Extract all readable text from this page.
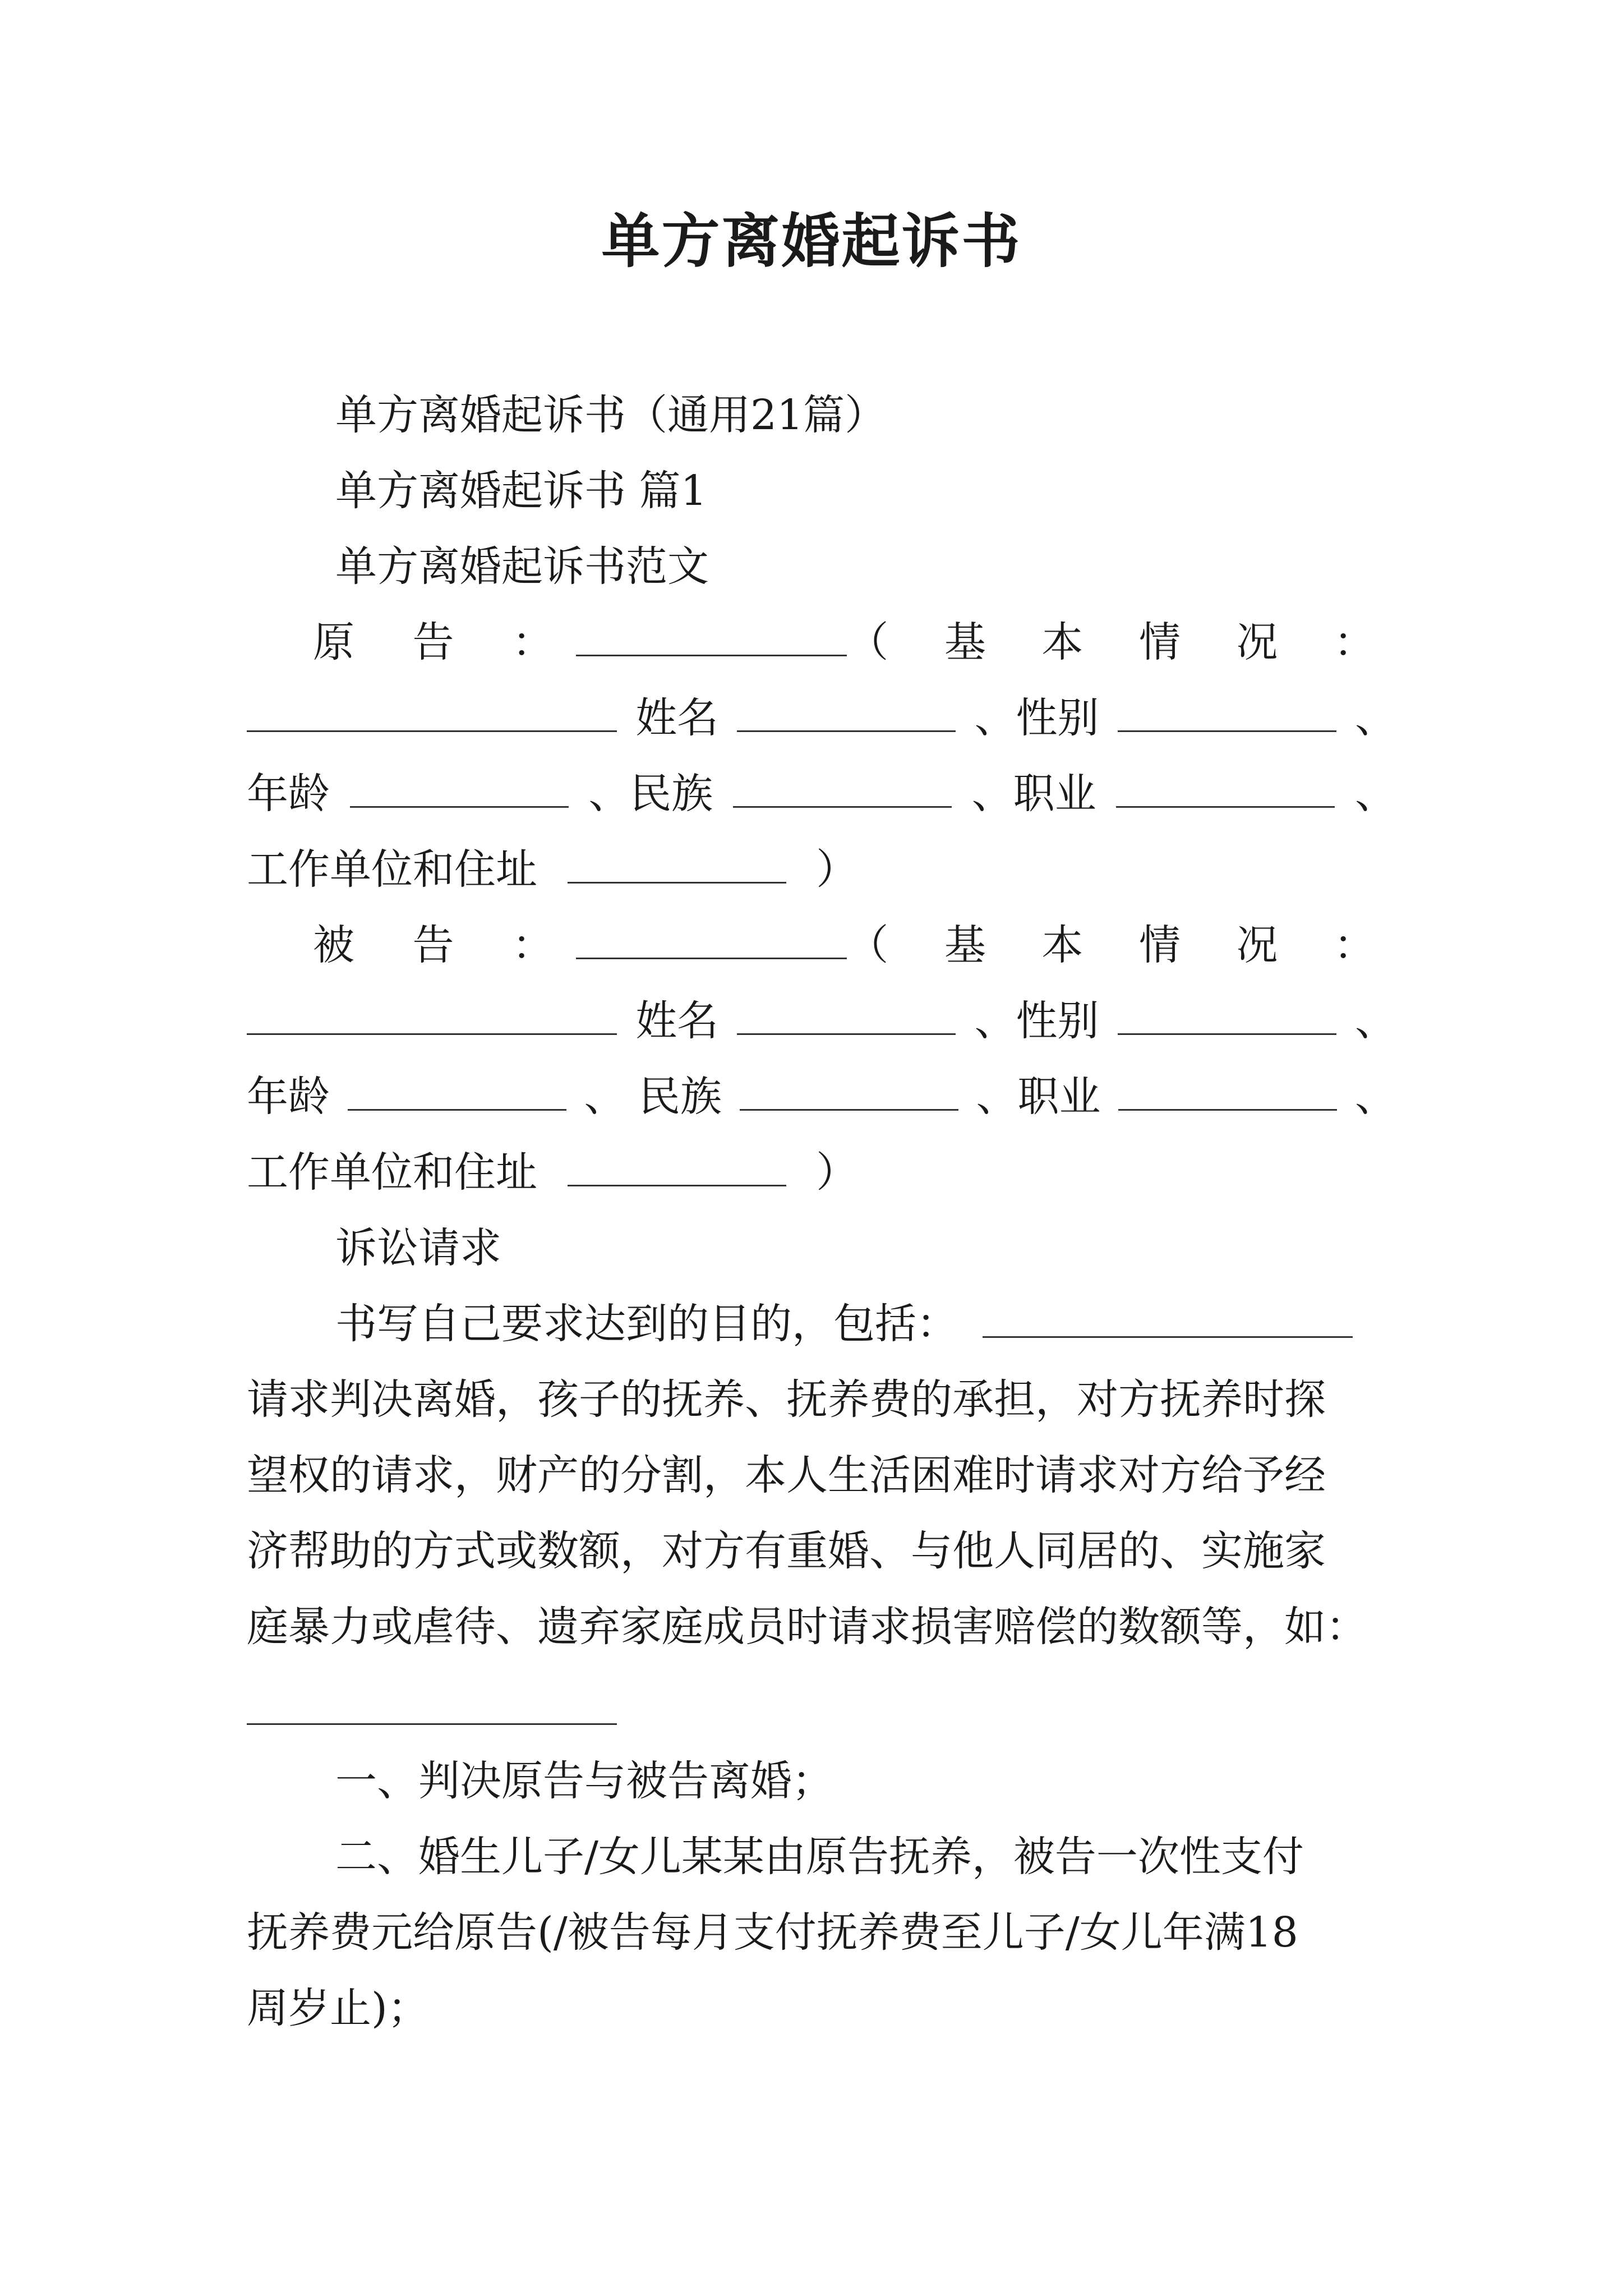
单方离婚起诉书
单方离婚起诉书（通用21篇）
单方离婚起诉书 篇1
单方离婚起诉书范文
原 告 ：	（ 基 本 情 况 ：
姓名	、性别	、
年龄	、民族	、职业	、
工作单位和住址	）
被 告 ：	（ 基 本 情 况 ：
姓名	、性别	、
年龄	、 民族	、职业	、
工作单位和住址	）
诉讼请求
书写自己要求达到的目的，包括：
请求判决离婚，孩子的抚养、抚养费的承担，对方抚养时探
望权的请求，财产的分割，本人生活困难时请求对方给予经
济帮助的方式或数额，对方有重婚、与他人同居的、实施家
庭暴力或虐待、遗弃家庭成员时请求损害赔偿的数额等，如：
一、判决原告与被告离婚；
二、婚生儿子/女儿某某由原告抚养，被告一次性支付
抚养费元给原告(/被告每月支付抚养费至儿子/女儿年满18
周岁止)；
